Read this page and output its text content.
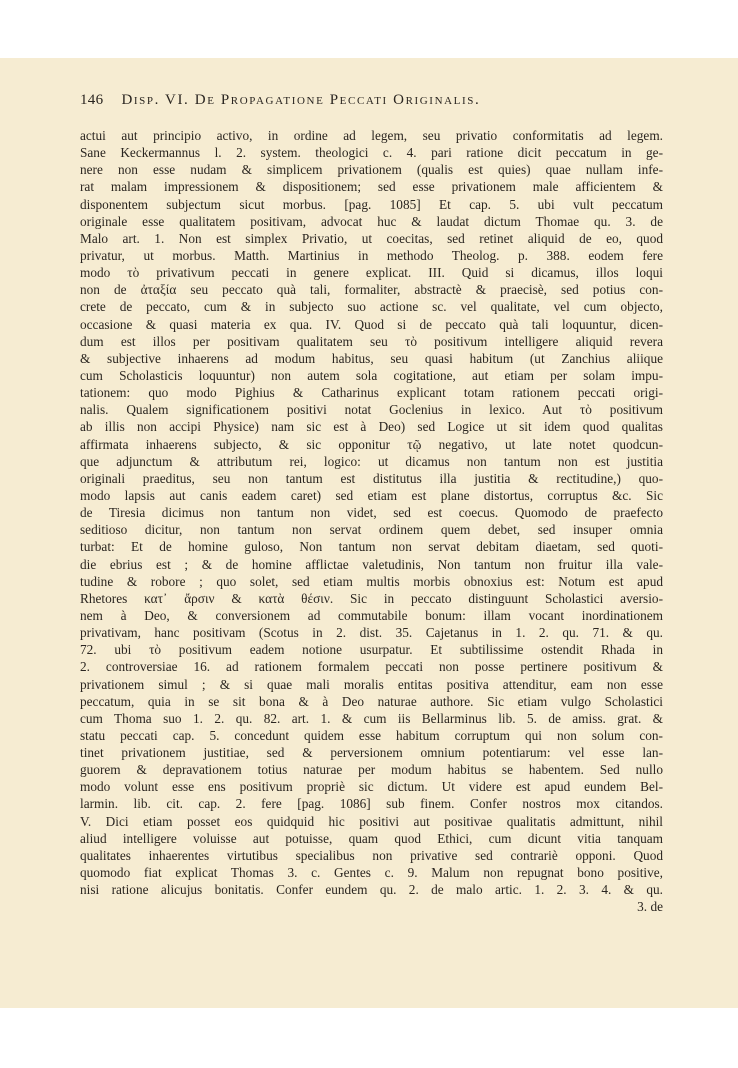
146 Disp. VI. De Propagatione Peccati Originalis.
actui aut principio activo, in ordine ad legem, seu privatio conformitatis ad legem.
Sane Keckermannus l. 2. system. theologici c. 4. pari ratione dicit peccatum in ge-
nere non esse nudam & simplicem privationem (qualis est quies) quae nullam infe-
rat malam impressionem & dispositionem; sed esse privationem male afficientem &
disponentem subjectum sicut morbus. [pag. 1085] Et cap. 5. ubi vult peccatum
originale esse qualitatem positivam, advocat huc & laudat dictum Thomae qu. 3. de
Malo art. 1. Non est simplex Privatio, ut coecitas, sed retinet aliquid de eo, quod
privatur, ut morbus. Matth. Martinius in methodo Theolog. p. 388. eodem fere
modo τὸ privativum peccati in genere explicat. III. Quid si dicamus, illos loqui
non de ἀταξία seu peccato quà tali, formaliter, abstractè & praecisè, sed potius con-
crete de peccato, cum & in subjecto suo actione sc. vel qualitate, vel cum objecto,
occasione & quasi materia ex qua. IV. Quod si de peccato quà tali loquuntur, dicen-
dum est illos per positivam qualitatem seu τὸ positivum intelligere aliquid revera
& subjective inhaerens ad modum habitus, seu quasi habitum (ut Zanchius aliique
cum Scholasticis loquuntur) non autem sola cogitatione, aut etiam per solam impu-
tationem: quo modo Pighius & Catharinus explicant totam rationem peccati origi-
nalis. Qualem significationem positivi notat Goclenius in lexico. Aut τὸ positivum
ab illis non accipi Physice) nam sic est à Deo) sed Logice ut sit idem quod qualitas
affirmata inhaerens subjecto, & sic opponitur τῷ negativo, ut late notet quodcun-
que adjunctum & attributum rei, logico: ut dicamus non tantum non est justitia
originali praeditus, seu non tantum est distitutus illa justitia & rectitudine,) quo-
modo lapsis aut canis eadem caret) sed etiam est plane distortus, corruptus &c. Sic
de Tiresia dicimus non tantum non videt, sed est coecus. Quomodo de praefecto
seditioso dicitur, non tantum non servat ordinem quem debet, sed insuper omnia
turbat: Et de homine guloso, Non tantum non servat debitam diaetam, sed quoti-
die ebrius est ; & de homine afflictae valetudinis, Non tantum non fruitur illa vale-
tudine & robore ; quo solet, sed etiam multis morbis obnoxius est: Notum est apud
Rhetores κατ᾽ ἄρσιν & κατὰ θέσιν. Sic in peccato distinguunt Scholastici aversio-
nem à Deo, & conversionem ad commutabile bonum: illam vocant inordinationem
privativam, hanc positivam (Scotus in 2. dist. 35. Cajetanus in 1. 2. qu. 71. & qu.
72. ubi τὸ positivum eadem notione usurpatur. Et subtilissime ostendit Rhada in
2. controversiae 16. ad rationem formalem peccati non posse pertinere positivum &
privationem simul ; & si quae mali moralis entitas positiva attenditur, eam non esse
peccatum, quia in se sit bona & à Deo naturae authore. Sic etiam vulgo Scholastici
cum Thoma suo 1. 2. qu. 82. art. 1. & cum iis Bellarminus lib. 5. de amiss. grat. &
statu peccati cap. 5. concedunt quidem esse habitum corruptum qui non solum con-
tinet privationem justitiae, sed & perversionem omnium potentiarum: vel esse lan-
guorem & depravationem totius naturae per modum habitus se habentem. Sed nullo
modo volunt esse ens positivum propriè sic dictum. Ut videre est apud eundem Bel-
larmin. lib. cit. cap. 2. fere [pag. 1086] sub finem. Confer nostros mox citandos.
V. Dici etiam posset eos quidquid hic positivi aut positivae qualitatis admittunt, nihil
aliud intelligere voluisse aut potuisse, quam quod Ethici, cum dicunt vitia tanquam
qualitates inhaerentes virtutibus specialibus non privative sed contrariè opponi. Quod
quomodo fiat explicat Thomas 3. c. Gentes c. 9. Malum non repugnat bono positive,
nisi ratione alicujus bonitatis. Confer eundem qu. 2. de malo artic. 1. 2. 3. 4. & qu.
3. de
